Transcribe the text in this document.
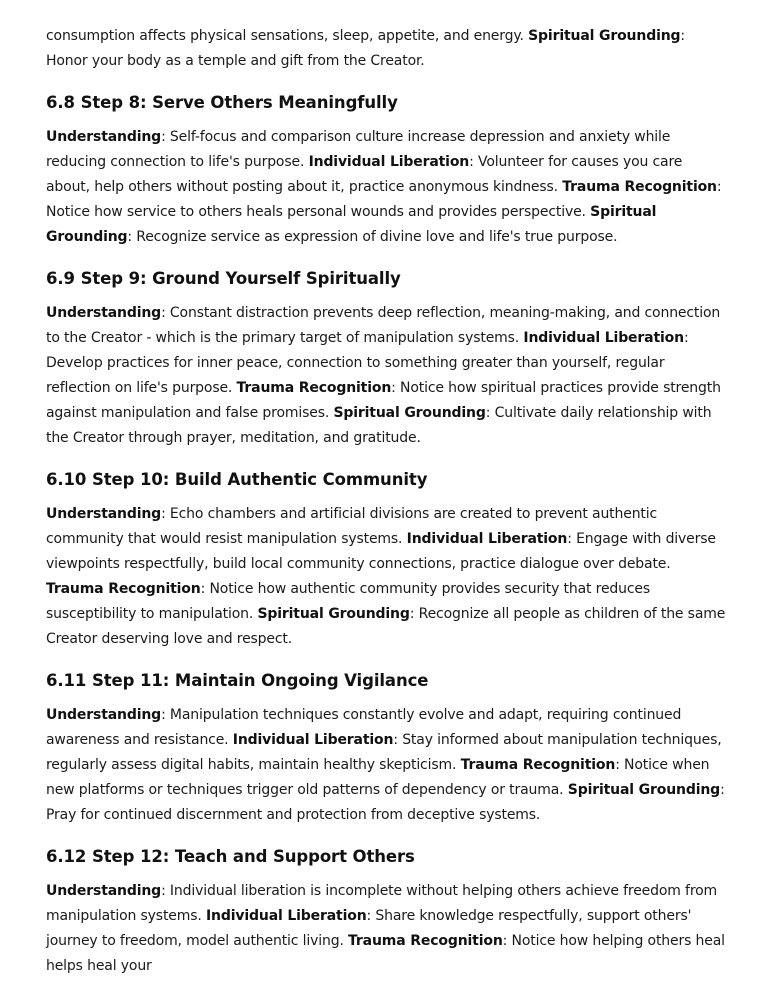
consumption affects physical sensations, sleep, appetite, and energy. Spiritual Grounding: Honor your body as a temple and gift from the Creator.

6.8 Step 8: Serve Others Meaningfully

Understanding: Self-focus and comparison culture increase depression and anxiety while reducing connection to life's purpose. Individual Liberation: Volunteer for causes you care about, help others without posting about it, practice anonymous kindness. Trauma Recognition: Notice how service to others heals personal wounds and provides perspective. Spiritual Grounding: Recognize service as expression of divine love and life's true purpose.

6.9 Step 9: Ground Yourself Spiritually

Understanding: Constant distraction prevents deep reflection, meaning-making, and connection to the Creator - which is the primary target of manipulation systems. Individual Liberation: Develop practices for inner peace, connection to something greater than yourself, regular reflection on life's purpose. Trauma Recognition: Notice how spiritual practices provide strength against manipulation and false promises. Spiritual Grounding: Cultivate daily relationship with the Creator through prayer, meditation, and gratitude.

6.10 Step 10: Build Authentic Community

Understanding: Echo chambers and artificial divisions are created to prevent authentic community that would resist manipulation systems. Individual Liberation: Engage with diverse viewpoints respectfully, build local community connections, practice dialogue over debate. Trauma Recognition: Notice how authentic community provides security that reduces susceptibility to manipulation. Spiritual Grounding: Recognize all people as children of the same Creator deserving love and respect.

6.11 Step 11: Maintain Ongoing Vigilance

Understanding: Manipulation techniques constantly evolve and adapt, requiring continued awareness and resistance. Individual Liberation: Stay informed about manipulation techniques, regularly assess digital habits, maintain healthy skepticism. Trauma Recognition: Notice when new platforms or techniques trigger old patterns of dependency or trauma. Spiritual Grounding: Pray for continued discernment and protection from deceptive systems.

6.12 Step 12: Teach and Support Others

Understanding: Individual liberation is incomplete without helping others achieve freedom from manipulation systems. Individual Liberation: Share knowledge respectfully, support others' journey to freedom, model authentic living. Trauma Recognition: Notice how helping others heal helps heal your
